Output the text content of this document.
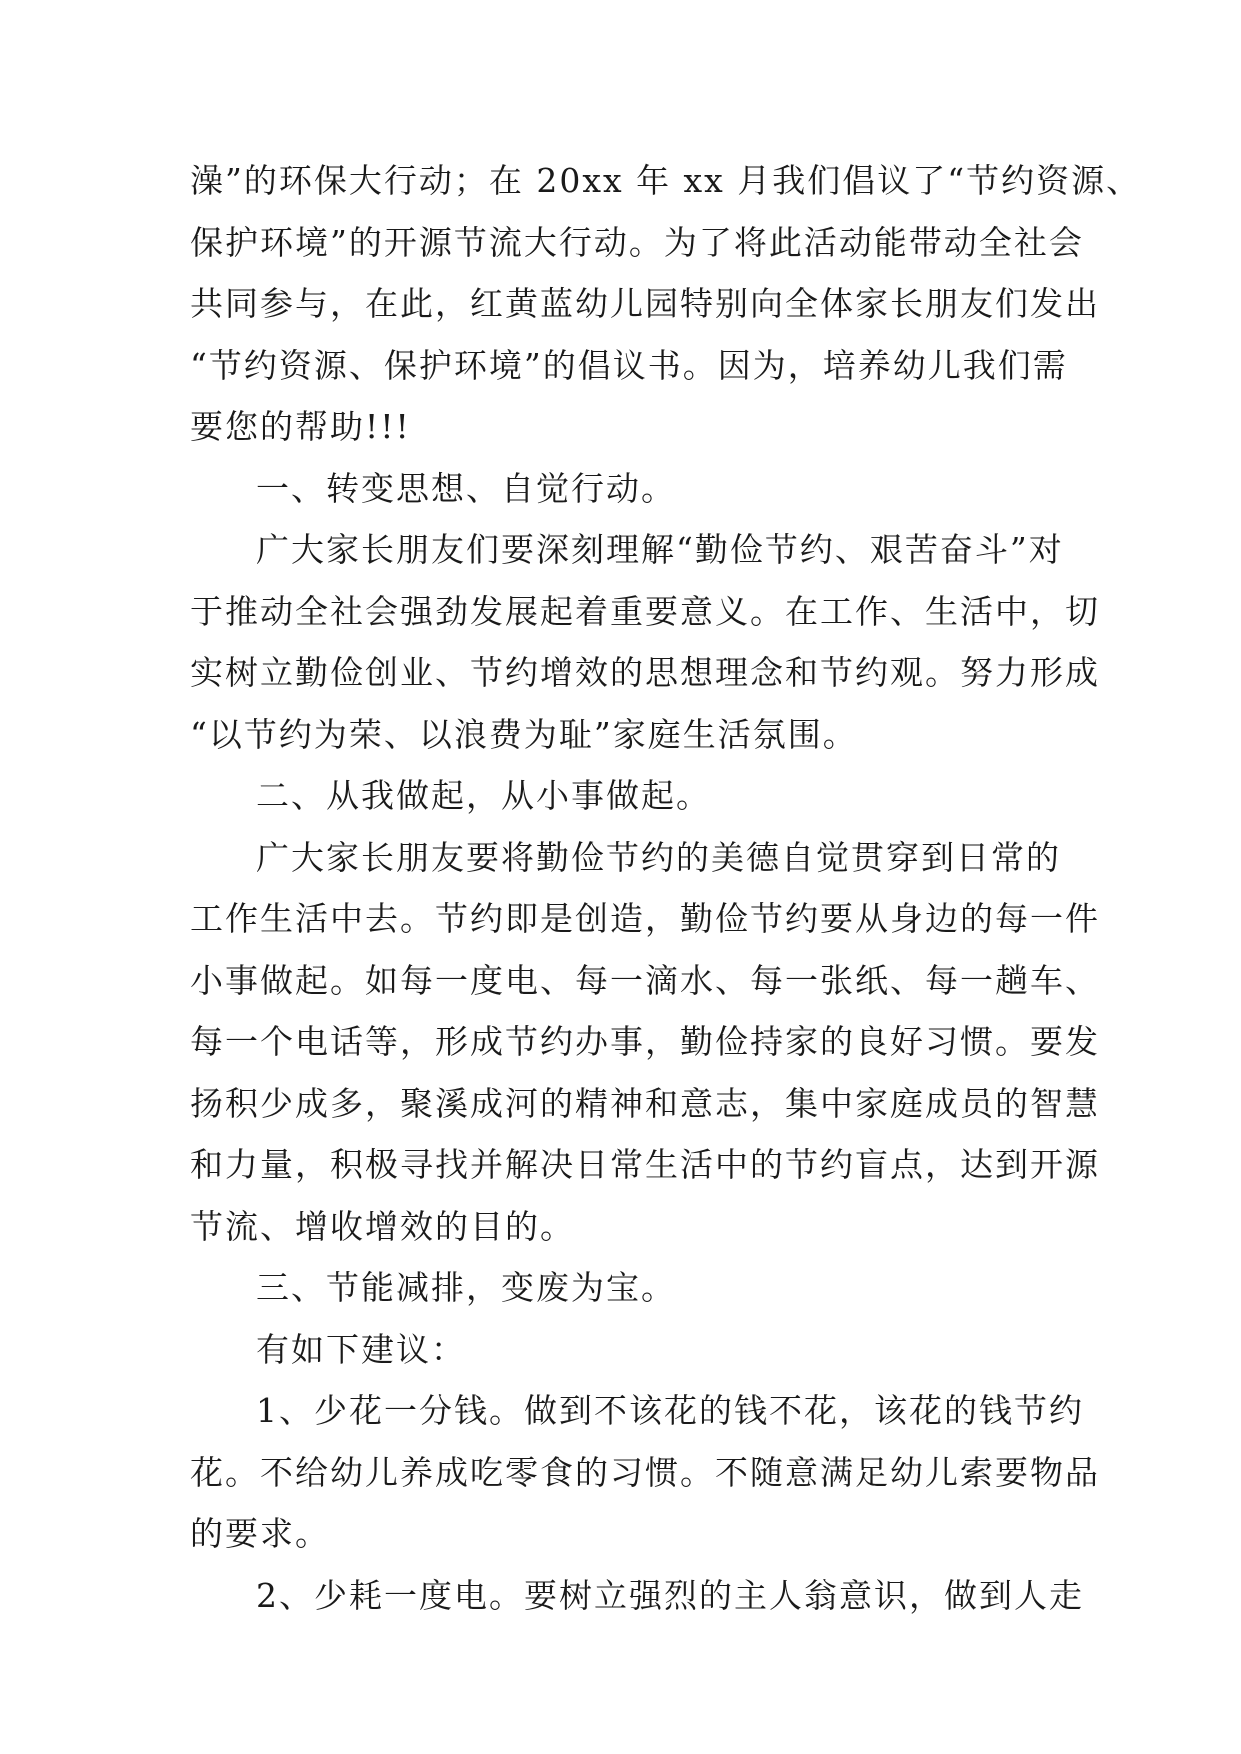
澡”的环保大行动；在 20xx 年 xx 月我们倡议了“节约资源、
保护环境”的开源节流大行动。为了将此活动能带动全社会
共同参与，在此，红黄蓝幼儿园特别向全体家长朋友们发出
“节约资源、保护环境”的倡议书。因为，培养幼儿我们需
要您的帮助!!!

一、转变思想、自觉行动。

广大家长朋友们要深刻理解“勤俭节约、艰苦奋斗”对
于推动全社会强劲发展起着重要意义。在工作、生活中，切
实树立勤俭创业、节约增效的思想理念和节约观。努力形成
“以节约为荣、以浪费为耻”家庭生活氛围。

二、从我做起，从小事做起。

广大家长朋友要将勤俭节约的美德自觉贯穿到日常的
工作生活中去。节约即是创造，勤俭节约要从身边的每一件
小事做起。如每一度电、每一滴水、每一张纸、每一趟车、
每一个电话等，形成节约办事，勤俭持家的良好习惯。要发
扬积少成多，聚溪成河的精神和意志，集中家庭成员的智慧
和力量，积极寻找并解决日常生活中的节约盲点，达到开源
节流、增收增效的目的。

三、节能减排，变废为宝。

有如下建议：

1、少花一分钱。做到不该花的钱不花，该花的钱节约
花。不给幼儿养成吃零食的习惯。不随意满足幼儿索要物品
的要求。

2、少耗一度电。要树立强烈的主人翁意识，做到人走
